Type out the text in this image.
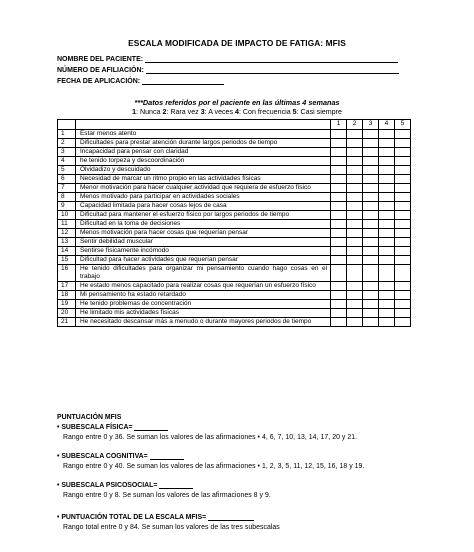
ESCALA MODIFICADA DE IMPACTO DE FATIGA: MFIS
NOMBRE DEL PACIENTE:
NÚMERO DE AFILIACIÓN:
FECHA DE APLICACIÓN:
***Datos referidos por el paciente en las últimas 4 semanas
1: Nunca 2: Rara vez 3: A veces 4: Con frecuencia 5: Casi siempre
		1	2	3	4	5
1	Estar menos atento					
2	Dificultades para prestar atención durante largos periodos de tiempo					
3	Incapacidad para pensar con claridad					
4	he tenido torpeza y descoordinación					
5	Olvidadizo y descuidado					
6	Necesidad de marcar un ritmo propio en las actividades físicas					
7	Menor motivación para hacer cualquier actividad que requiera de esfuerzo físico					
8	Menos motivado para participar en actividades sociales					
9	Capacidad limitada para hacer cosas lejos de casa					
10	Dificultad para mantener el esfuerzo físico por largos periodos de tiempo					
11	Dificultad en la toma de decisiones					
12	Menos motivación para hacer cosas que requerían pensar					
13	Sentir debilidad muscular					
14	Sentirse físicamente incómodo					
15	Dificultad para hacer actividades que requerían pensar					
16	He tenido dificultades para organizar mi pensamiento cuando hago cosas en el trabajo					
17	He estado menos capacitado para realizar cosas que requerían un esfuerzo físico					
18	Mi pensamiento ha estado retardado					
19	He tenido problemas de concentración					
20	He limitado mis actividades físicas					
21	He necesitado descansar más a menudo o durante mayores periodos de tiempo					
PUNTUACIÓN MFIS
• SUBESCALA FÍSICA=
Rango entre 0 y 36. Se suman los valores de las afirmaciones • 4, 6, 7, 10, 13, 14, 17, 20 y 21.
• SUBESCALA COGNITIVA=
Rango entre 0 y 40. Se suman los valores de las afirmaciones • 1, 2, 3, 5, 11, 12, 15, 16, 18 y 19.
• SUBESCALA PSICOSOCIAL=
Rango entre 0 y 8. Se suman los valores de las afirmaciones 8 y 9.
• PUNTUACIÓN TOTAL DE LA ESCALA MFIS=
Rango total entre 0 y 84. Se suman los valores de las tres subescalas
